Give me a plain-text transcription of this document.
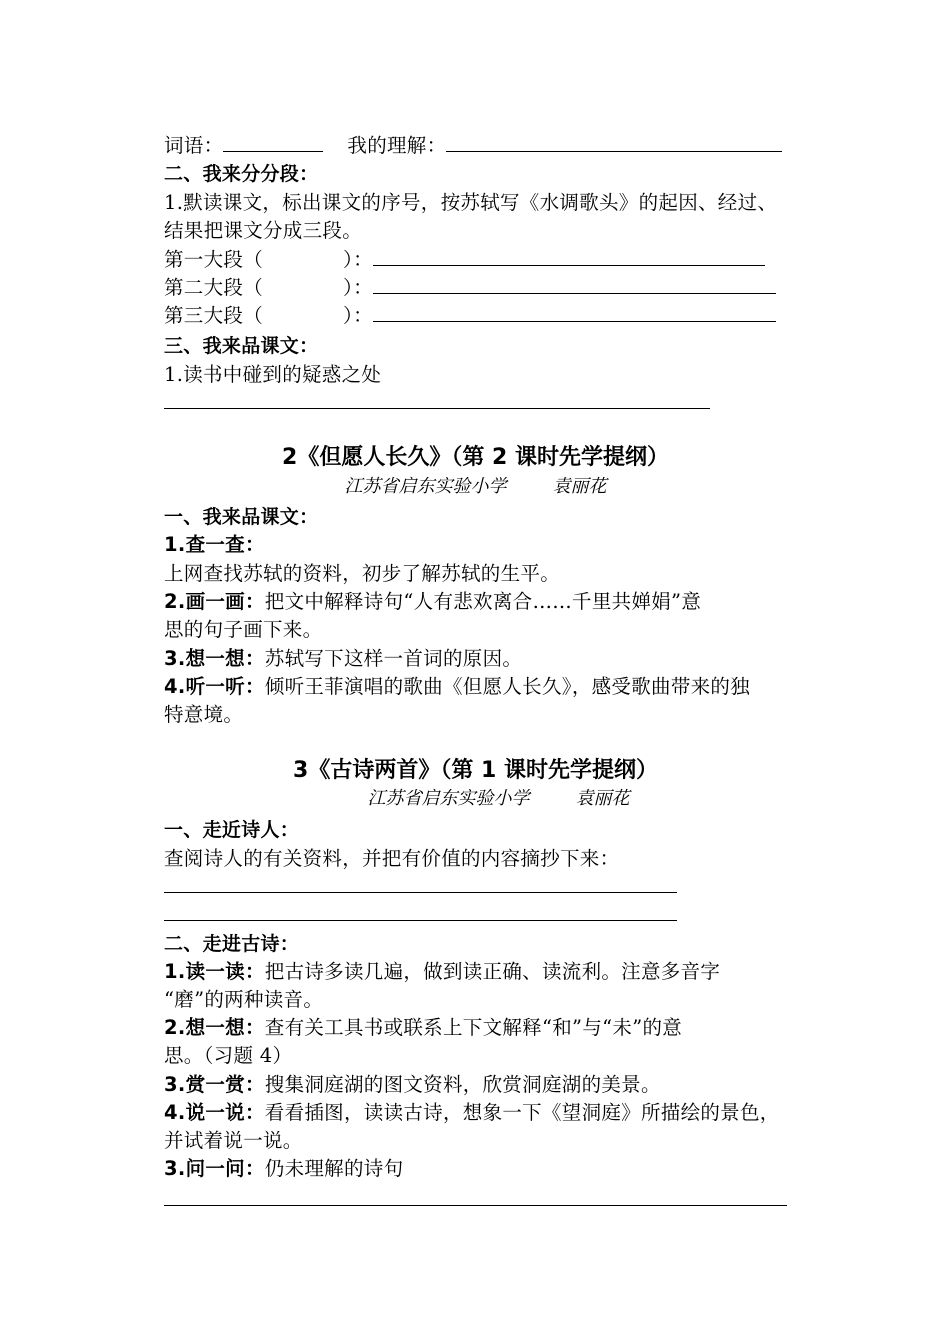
词语：	我的理解：
二、我来分分段：
1.默读课文，标出课文的序号，按苏轼写《水调歌头》的起因、经过、
结果把课文分成三段。
第一大段（	）：
第二大段（	）：
第三大段（	）：
三、我来品课文：
1.读书中碰到的疑惑之处
2《但愿人长久》（第 2 课时先学提纲）
江苏省启东实验小学	袁丽花
一、我来品课文：
1.查一查：
上网查找苏轼的资料，初步了解苏轼的生平。
2.画一画：把文中解释诗句“人有悲欢离合……千里共婵娟”意
思的句子画下来。
3.想一想：苏轼写下这样一首词的原因。
4.听一听：倾听王菲演唱的歌曲《但愿人长久》，感受歌曲带来的独
特意境。
3《古诗两首》（第 1 课时先学提纲）
江苏省启东实验小学	袁丽花
一、走近诗人：
查阅诗人的有关资料，并把有价值的内容摘抄下来：
二、走进古诗：
1.读一读：把古诗多读几遍，做到读正确、读流利。注意多音字
“磨”的两种读音。
2.想一想：查有关工具书或联系上下文解释“和”与“未”的意
思。（习题 4）
3.赏一赏：搜集洞庭湖的图文资料，欣赏洞庭湖的美景。
4.说一说：看看插图，读读古诗，想象一下《望洞庭》所描绘的景色，
并试着说一说。
3.问一问：仍未理解的诗句
